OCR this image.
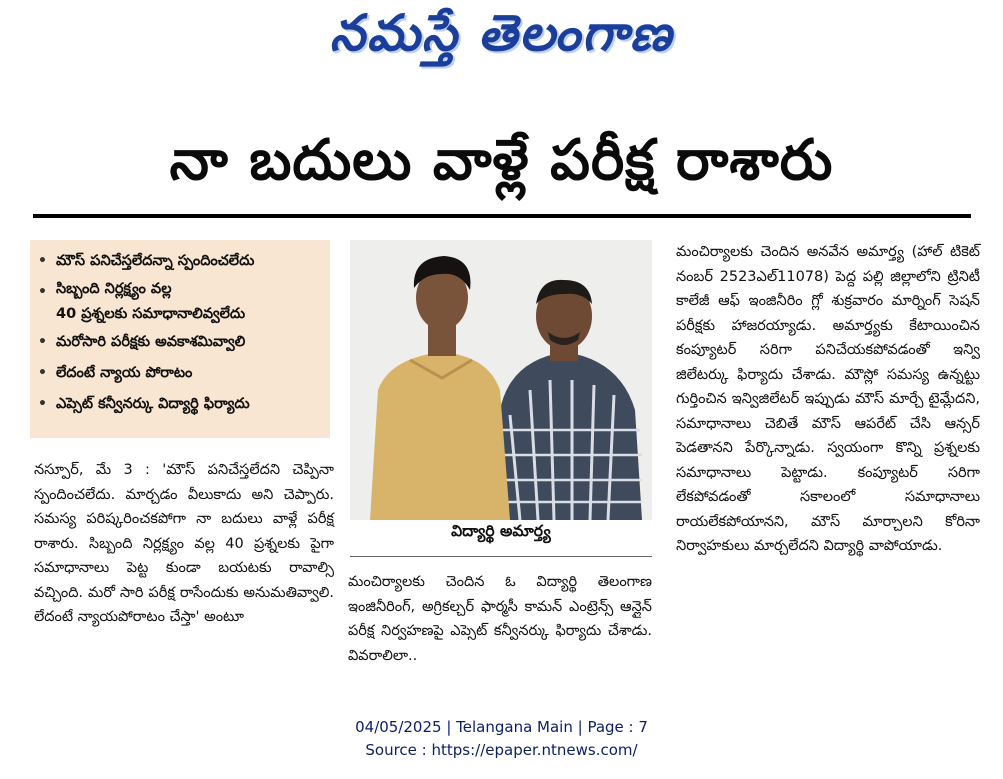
నమస్తే తెలంగాణ
నా బదులు వాళ్లే పరీక్ష రాశారు
• మౌస్ పనిచేస్తలేదన్నా స్పందించలేదు
• సిబ్బంది నిర్లక్ష్యం వల్ల
40 ప్రశ్నలకు సమాధానాలివ్వలేదు
• మరోసారి పరీక్షకు అవకాశమివ్వాలి
• లేదంటే న్యాయ పోరాటం
• ఎప్సెట్ కన్వీనర్కు విద్యార్థి ఫిర్యాదు

నస్పూర్, మే 3 : 'మౌస్ పనిచేస్తలేదని చెప్పినా స్పందించలేదు. మార్చడం వీలుకాదు అని చెప్పారు. సమస్య పరిష్కరించకపోగా నా బదులు వాళ్లే పరీక్ష రాశారు. సిబ్బంది నిర్లక్ష్యం వల్ల 40 ప్రశ్నలకు పైగా సమాధానాలు పెట్ట కుండా బయటకు రావాల్సి వచ్చింది. మరో సారి పరీక్ష రాసేందుకు అనుమతివ్వాలి. లేదంటే న్యాయపోరాటం చేస్తా' అంటూ

విద్యార్థి అమార్త్య

మంచిర్యాలకు చెందిన ఓ విద్యార్థి తెలంగాణ ఇంజినీరింగ్, అగ్రికల్చర్ ఫార్మసీ కామన్ ఎంట్రెన్స్ ఆన్లైన్ పరీక్ష నిర్వహణపై ఎప్సెట్ కన్వీనర్కు ఫిర్యాదు చేశాడు. వివరాలిలా..

మంచిర్యాలకు చెందిన అనవేన అమార్త్య (హాల్ టికెట్ నంబర్ 2523ఎల్11078) పెద్ద పల్లి జిల్లాలోని ట్రినిటీ కాలేజీ ఆఫ్ ఇంజినీరిం గ్లో శుక్రవారం మార్నింగ్ సెషన్ పరీక్షకు హాజరయ్యాడు. అమార్త్యకు కేటాయించిన కంప్యూటర్ సరిగా పనిచేయకపోవడంతో ఇన్వి జిలేటర్కు ఫిర్యాదు చేశాడు. మౌస్లో సమస్య ఉన్నట్టు గుర్తించిన ఇన్విజిలేటర్ ఇప్పుడు మౌస్ మార్చే టైమ్లేదని, సమాధానాలు చెబితే మౌస్ ఆపరేట్ చేసి ఆన్సర్ పెడతానని పేర్కొన్నాడు. స్వయంగా కొన్ని ప్రశ్నలకు సమాధానాలు పెట్టాడు. కంప్యూటర్ సరిగా లేకపోవడంతో సకాలంలో సమాధానాలు రాయలేకపోయానని, మౌస్ మార్చాలని కోరినా నిర్వాహకులు మార్చలేదని విద్యార్థి వాపోయాడు.

04/05/2025 | Telangana Main | Page : 7
Source : https://epaper.ntnews.com/
